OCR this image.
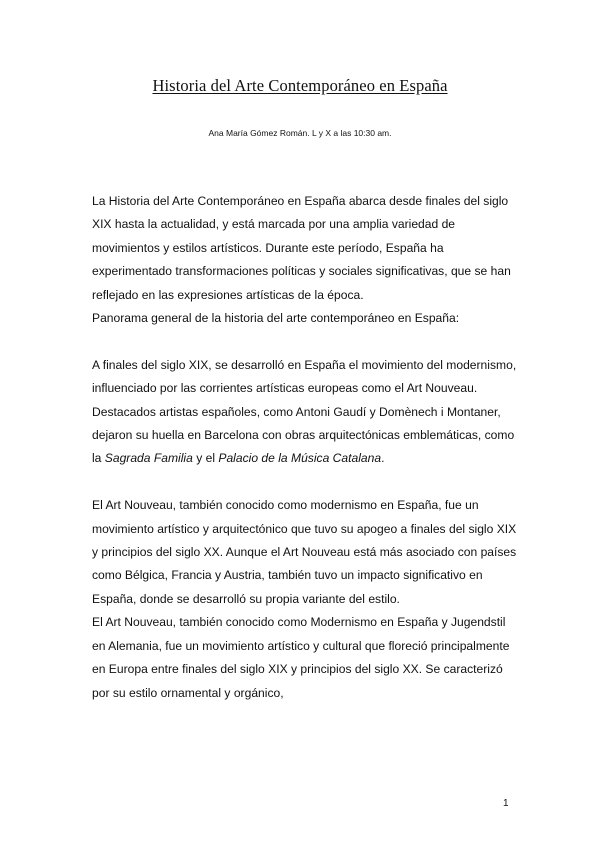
Historia del Arte Contemporáneo en España
Ana María Gómez Román. L y X a las 10:30 am.

La Historia del Arte Contemporáneo en España abarca desde finales del siglo XIX hasta la actualidad, y está marcada por una amplia variedad de movimientos y estilos artísticos. Durante este período, España ha experimentado transformaciones políticas y sociales significativas, que se han reflejado en las expresiones artísticas de la época.

Panorama general de la historia del arte contemporáneo en España:

A finales del siglo XIX, se desarrolló en España el movimiento del modernismo, influenciado por las corrientes artísticas europeas como el Art Nouveau. Destacados artistas españoles, como Antoni Gaudí y Domènech i Montaner, dejaron su huella en Barcelona con obras arquitectónicas emblemáticas, como la Sagrada Familia y el Palacio de la Música Catalana.

El Art Nouveau, también conocido como modernismo en España, fue un movimiento artístico y arquitectónico que tuvo su apogeo a finales del siglo XIX y principios del siglo XX. Aunque el Art Nouveau está más asociado con países como Bélgica, Francia y Austria, también tuvo un impacto significativo en España, donde se desarrolló su propia variante del estilo.

El Art Nouveau, también conocido como Modernismo en España y Jugendstil en Alemania, fue un movimiento artístico y cultural que floreció principalmente en Europa entre finales del siglo XIX y principios del siglo XX. Se caracterizó por su estilo ornamental y orgánico,

1
